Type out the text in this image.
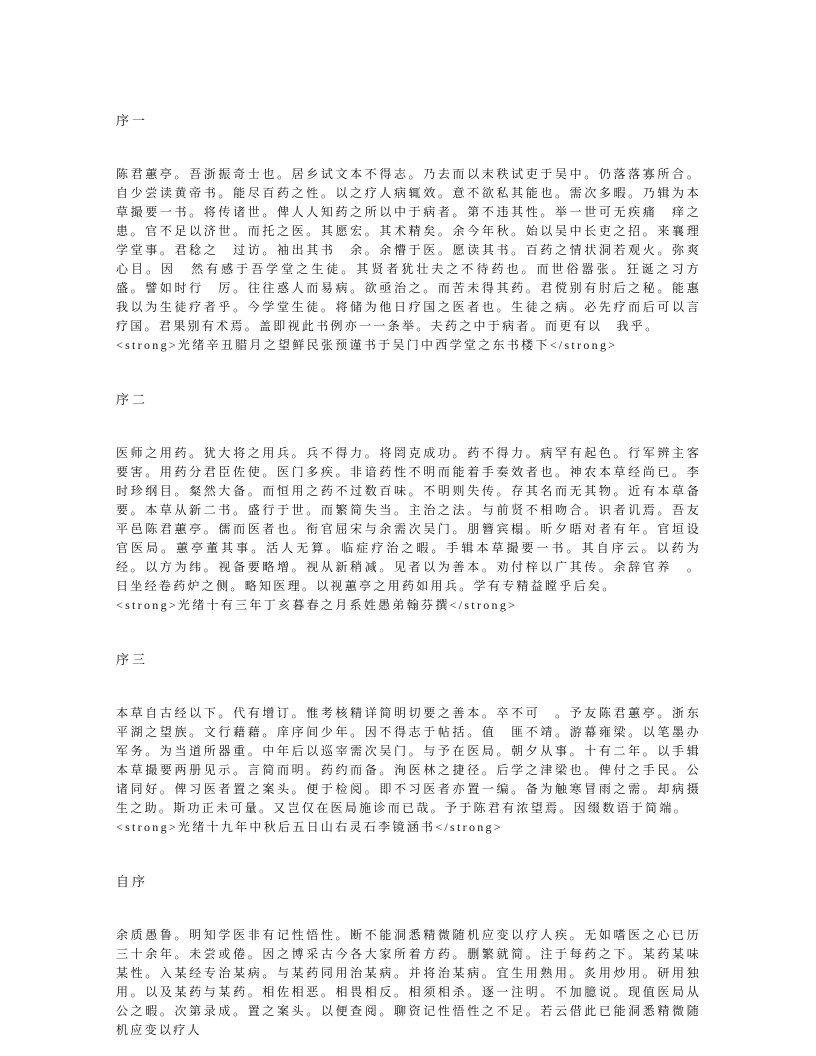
序一

陈君蕙亭。吾浙振奇士也。居乡试文本不得志。乃去而以末秩试吏于吴中。仍落落寡所合。自少尝读黄帝书。能尽百药之性。以之疗人病辄效。意不欲私其能也。需次多暇。乃辑为本草撮要一书。将传诸世。俾人人知药之所以中于病者。第不违其性。举一世可无疾痛　痒之患。官不足以济世。而托之医。其愿宏。其术精矣。余今年秋。始以吴中长吏之招。来襄理学堂事。君稔之　过访。袖出其书　余。余懵于医。愿读其书。百药之情状洞若观火。弥爽心目。因　然有感于吾学堂之生徒。其贤者犹壮夫之不待药也。而世俗嚣张。狂诞之习方盛。譬如时行　厉。往往惑人而易病。欲亟治之。而苦未得其药。君傥别有肘后之秘。能惠我以为生徒疗者乎。今学堂生徒。将储为他日疗国之医者也。生徒之病。必先疗而后可以言疗国。君果别有术焉。盖即视此书例亦一一条举。夫药之中于病者。而更有以　我乎。

<strong>光绪辛丑腊月之望鲜民张预谨书于吴门中西学堂之东书楼下</strong>

序二

医师之用药。犹大将之用兵。兵不得力。将罔克成功。药不得力。病罕有起色。行军辨主客要害。用药分君臣佐使。医门多疾。非谙药性不明而能着手奏效者也。神农本草经尚已。李时珍纲目。粲然大备。而恒用之药不过数百味。不明则失传。存其名而无其物。近有本草备要。本草从新二书。盛行于世。而繁简失当。主治之法。与前贤不相吻合。识者讥焉。吾友平邑陈君蕙亭。儒而医者也。衔官屈宋与余需次吴门。朋簪宾榻。昕夕晤对者有年。官垣设官医局。蕙亭董其事。活人无算。临症疗治之暇。手辑本草撮要一书。其自序云。以药为经。以方为纬。视备要略增。视从新稍减。见者以为善本。劝付梓以广其传。余辞官养　。日坐经卷药炉之侧。略知医理。以视蕙亭之用药如用兵。学有专精益瞠乎后矣。

<strong>光绪十有三年丁亥暮春之月系姓愚弟翰芬撰</strong>

序三

本草自古经以下。代有增订。惟考核精详简明切要之善本。卒不可　。予友陈君蕙亭。浙东平湖之望族。文行藉藉。庠序间少年。因不得志于帖括。值　匪不靖。游幕雍梁。以笔墨办军务。为当道所器重。中年后以巡宰需次吴门。与予在医局。朝夕从事。十有二年。以手辑本草撮要两册见示。言简而明。药约而备。洵医林之捷径。后学之津梁也。俾付之手民。公诸同好。俾习医者置之案头。便于检阅。即不习医者亦置一编。备为触寒冒雨之需。却病摄生之助。斯功正未可量。又岂仅在医局施诊而已哉。予于陈君有浓望焉。因缀数语于简端。

<strong>光绪十九年中秋后五日山右灵石李镜涵书</strong>

自序

余质愚鲁。明知学医非有记性悟性。断不能洞悉精微随机应变以疗人疾。无如嗜医之心已历三十余年。未尝或倦。因之博采古今各大家所着方药。删繁就简。注于每药之下。某药某味某性。入某经专治某病。与某药同用治某病。并将治某病。宜生用熟用。炙用炒用。研用独用。以及某药与某药。相佐相恶。相畏相反。相须相杀。逐一注明。不加臆说。现值医局从公之暇。次第录成。置之案头。以便查阅。聊资记性悟性之不足。若云借此已能洞悉精微随机应变以疗人
